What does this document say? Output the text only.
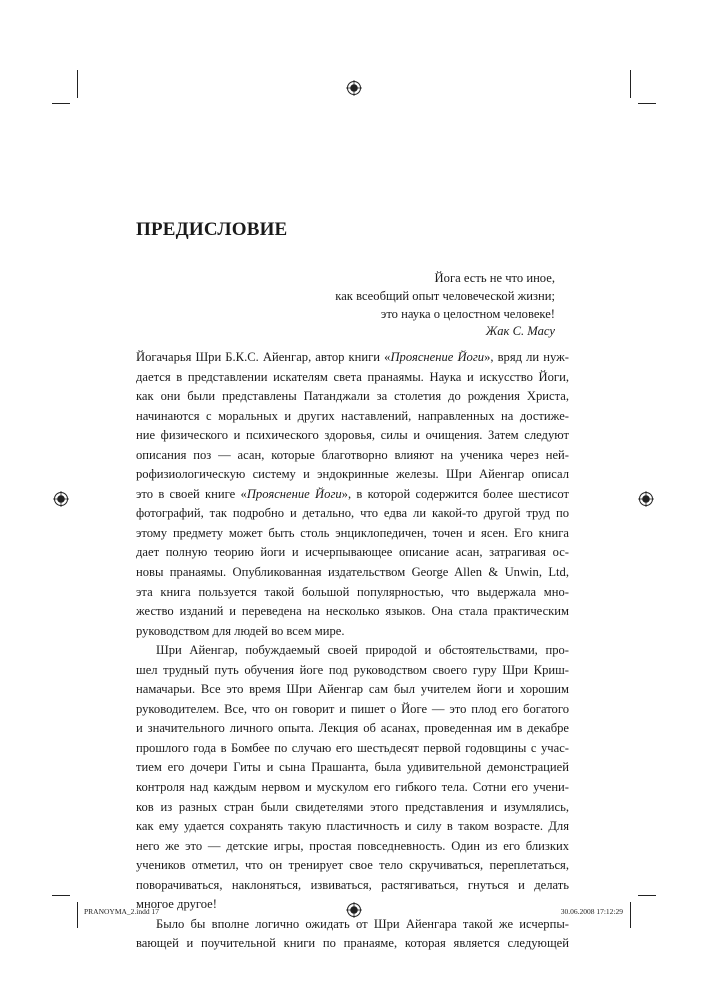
ПРЕДИСЛОВИЕ
Йога есть не что иное,
как всеобщий опыт человеческой жизни;
это наука о целостном человеке!
Жак С. Масу
Йогачарья Шри Б.К.С. Айенгар, автор книги «Прояснение Йоги», вряд ли нуж-
дается в представлении искателям света пранаямы. Наука и искусство Йоги,
как они были представлены Патанджали за столетия до рождения Христа,
начинаются с моральных и других наставлений, направленных на достиже-
ние физического и психического здоровья, силы и очищения. Затем следуют
описания поз — асан, которые благотворно влияют на ученика через ней-
рофизиологическую систему и эндокринные железы. Шри Айенгар описал
это в своей книге «Прояснение Йоги», в которой содержится более шестисот
фотографий, так подробно и детально, что едва ли какой-то другой труд по
этому предмету может быть столь энциклопедичен, точен и ясен. Его книга
дает полную теорию йоги и исчерпывающее описание асан, затрагивая ос-
новы пранаямы. Опубликованная издательством George Allen & Unwin, Ltd,
эта книга пользуется такой большой популярностью, что выдержала мно-
жество изданий и переведена на несколько языков. Она стала практическим
руководством для людей во всем мире.
Шри Айенгар, побуждаемый своей природой и обстоятельствами, про-
шел трудный путь обучения йоге под руководством своего гуру Шри Криш-
намачарьи. Все это время Шри Айенгар сам был учителем йоги и хорошим
руководителем. Все, что он говорит и пишет о Йоге — это плод его богатого
и значительного личного опыта. Лекция об асанах, проведенная им в декабре
прошлого года в Бомбее по случаю его шестьдесят первой годовщины с учас-
тием его дочери Гиты и сына Прашанта, была удивительной демонстрацией
контроля над каждым нервом и мускулом его гибкого тела. Сотни его учени-
ков из разных стран были свидетелями этого представления и изумлялись,
как ему удается сохранять такую пластичность и силу в таком возрасте. Для
него же это — детские игры, простая повседневность. Один из его близких
учеников отметил, что он тренирует свое тело скручиваться, переплетаться,
поворачиваться, наклоняться, извиваться, растягиваться, гнуться и делать
многое другое!
Было бы вполне логично ожидать от Шри Айенгара такой же исчерпы-
вающей и поучительной книги по пранаяме, которая является следующей
PRANOYMA_2.indd 17	30.06.2008 17:12:29
